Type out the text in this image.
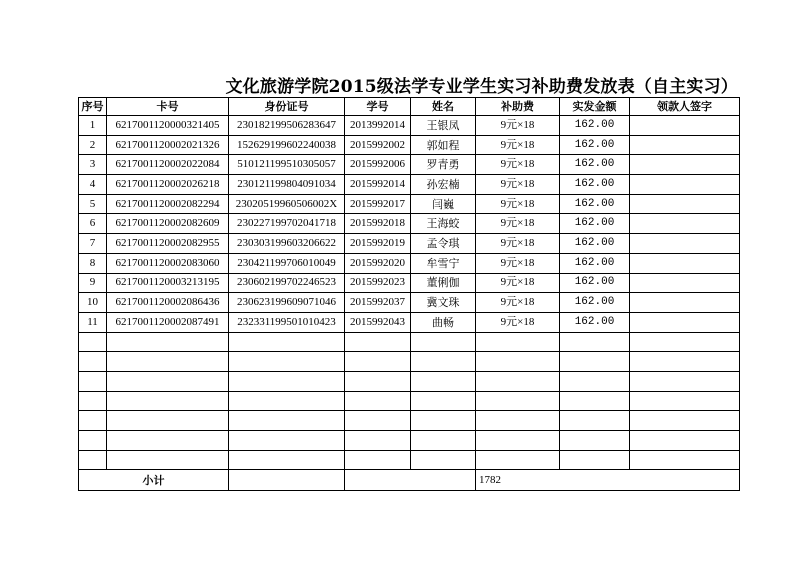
文化旅游学院2015级法学专业学生实习补助费发放表（自主实习）
序号	卡号	身份证号	学号	姓名	补助费	实发金额	领款人签字
1	6217001120000321405	230182199506283647	2013992014	王银凤	9元×18	162.00	
2	6217001120002021326	152629199602240038	2015992002	郭如程	9元×18	162.00	
3	6217001120002022084	510121199510305057	2015992006	罗青勇	9元×18	162.00	
4	6217001120002026218	230121199804091034	2015992014	孙宏楠	9元×18	162.00	
5	6217001120002082294	23020519960506002X	2015992017	闫巍	9元×18	162.00	
6	6217001120002082609	230227199702041718	2015992018	王海蛟	9元×18	162.00	
7	6217001120002082955	230303199603206622	2015992019	孟令琪	9元×18	162.00	
8	6217001120002083060	230421199706010049	2015992020	牟雪宁	9元×18	162.00	
9	6217001120003213195	230602199702246523	2015992023	董俐伽	9元×18	162.00	
10	6217001120002086436	230623199609071046	2015992037	冀文珠	9元×18	162.00	
11	6217001120002087491	232331199501010423	2015992043	曲畅	9元×18	162.00	

小计					1782		
